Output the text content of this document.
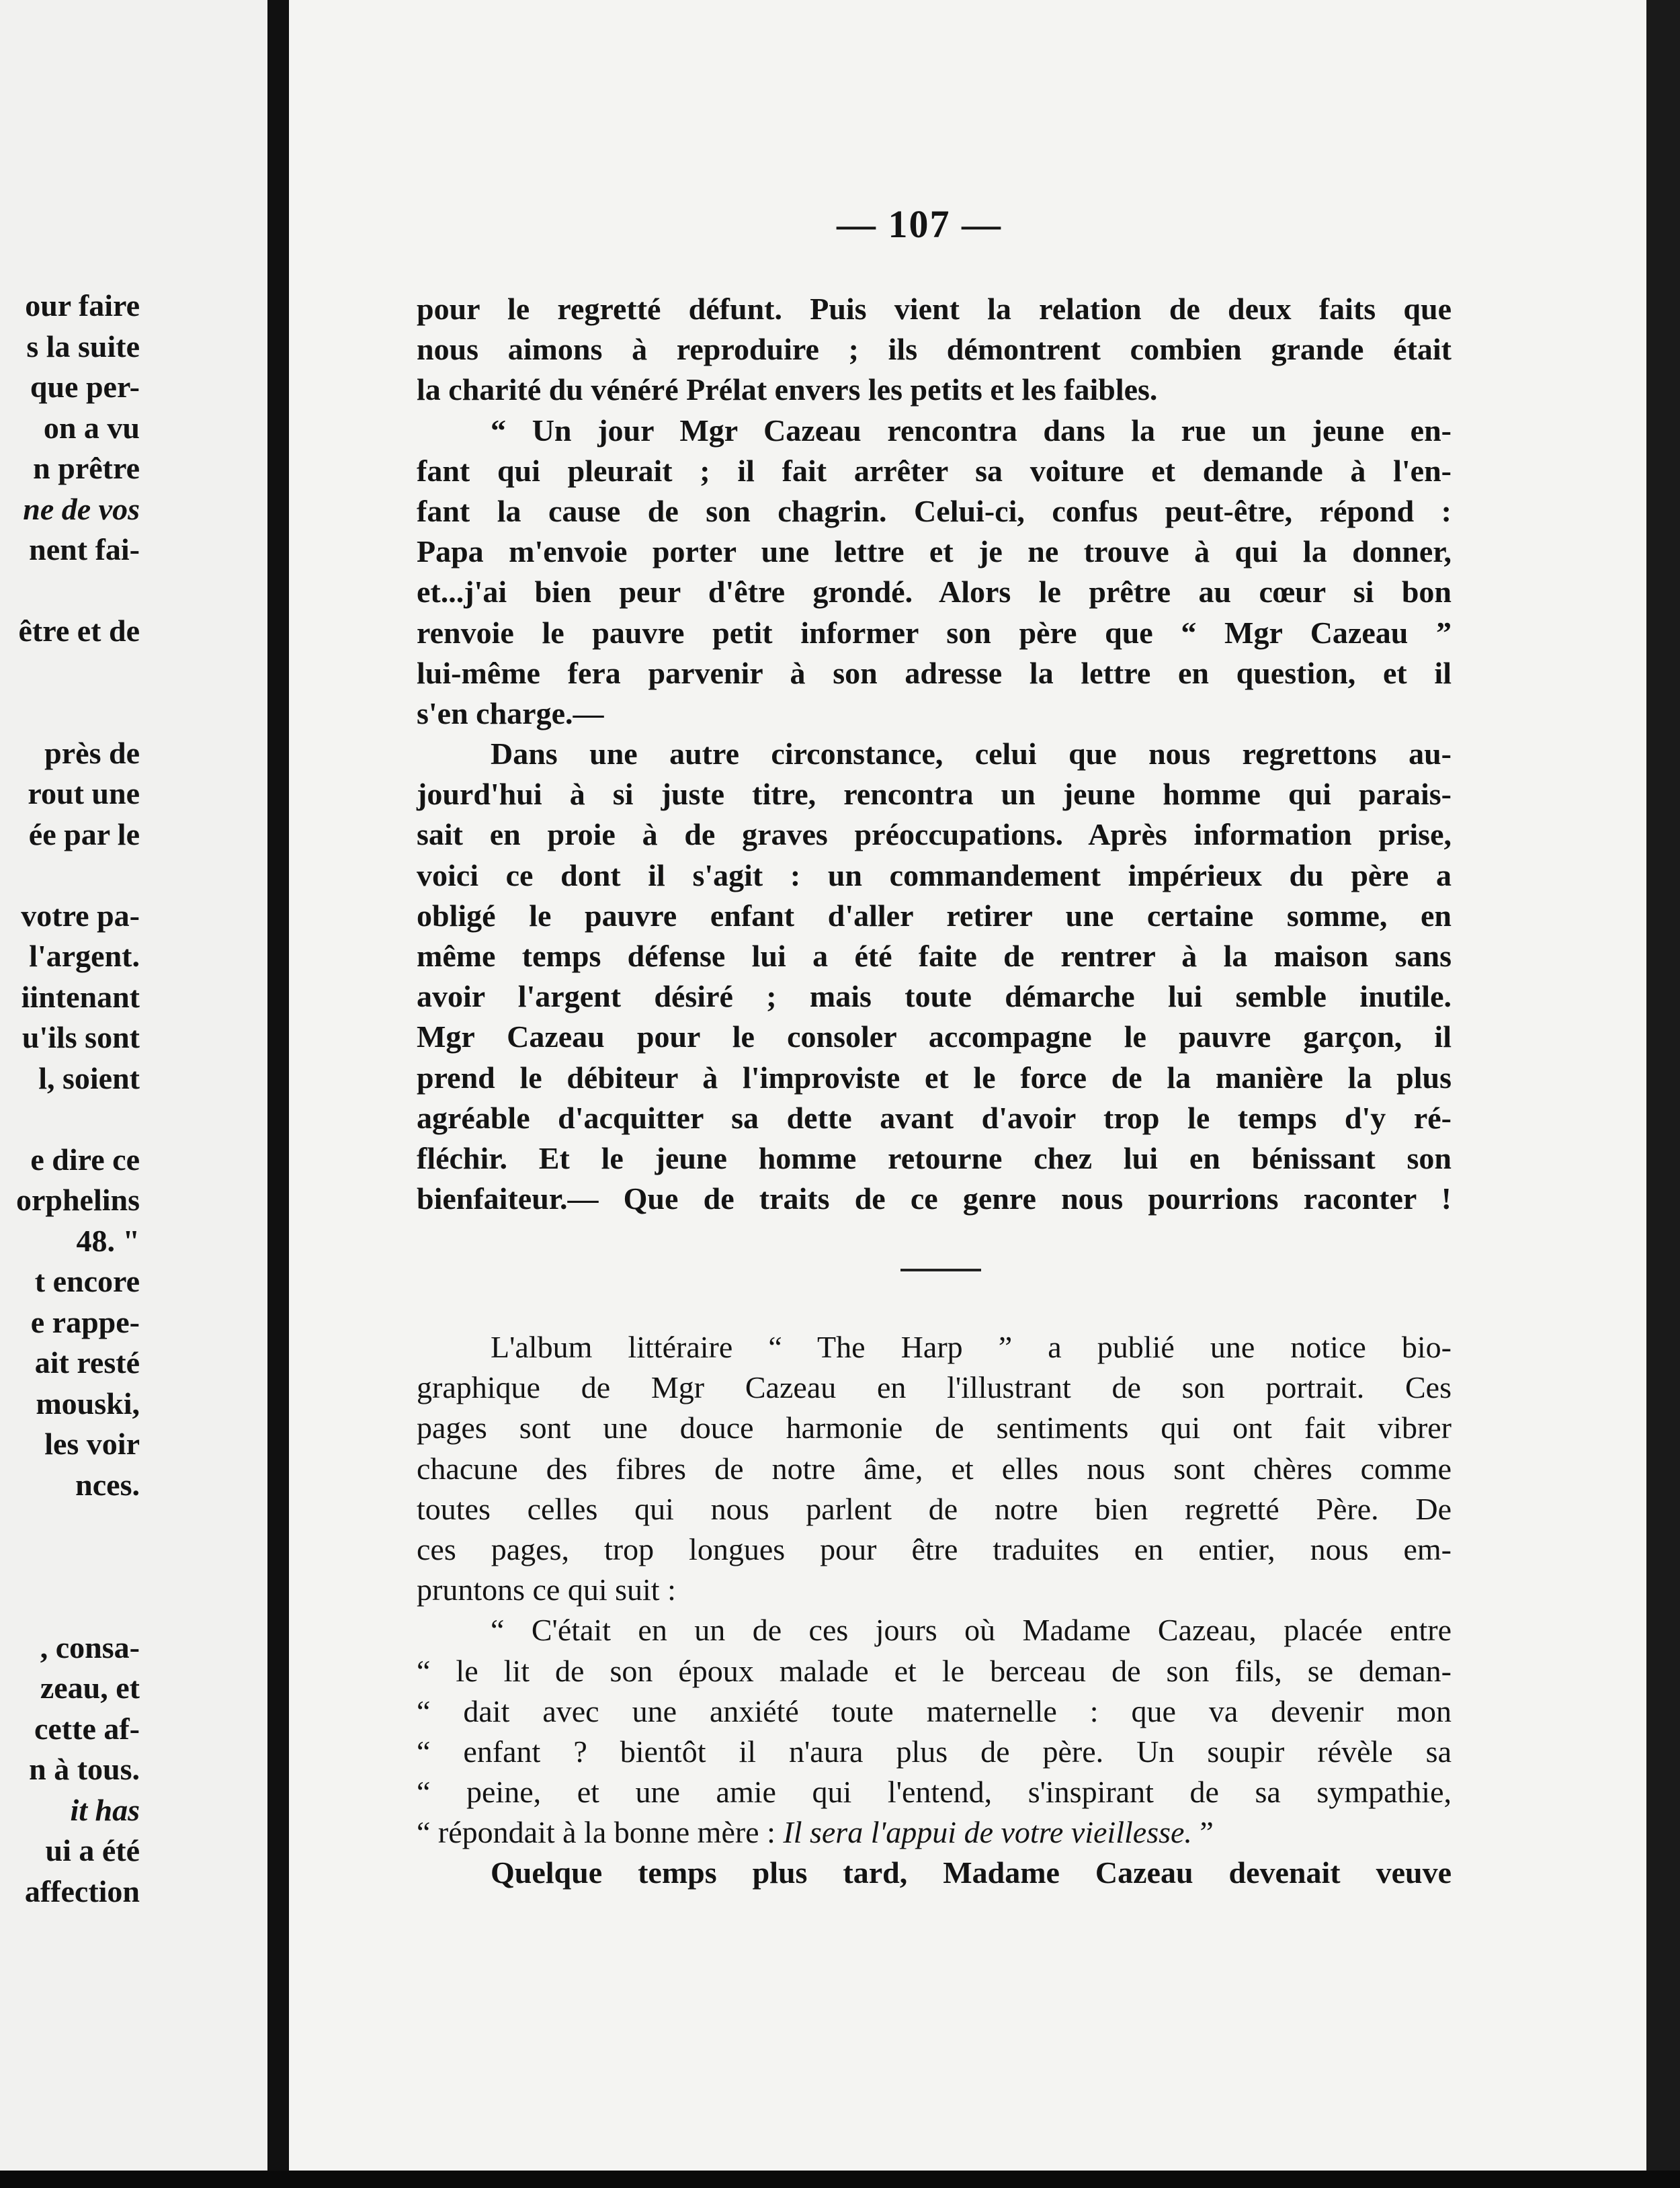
our faire
s la suite
que per-
on a vu
n prêtre
ne de vos
nent fai-
être et de
près de
rout une
ée par le
votre pa-
l'argent.
iintenant
u'ils sont
l, soient
e dire ce
orphelins
48. "
t encore
e rappe-
ait resté
mouski,
les voir
nces.
, consa-
zeau, et
cette af-
n à tous.
it has
ui a été
affection
— 107 —
pour le regretté défunt. Puis vient la relation de deux faits que
nous aimons à reproduire ; ils démontrent combien grande était
la charité du vénéré Prélat envers les petits et les faibles.
“ Un jour Mgr Cazeau rencontra dans la rue un jeune en-
fant qui pleurait ; il fait arrêter sa voiture et demande à l'en-
fant la cause de son chagrin. Celui-ci, confus peut-être, répond :
Papa m'envoie porter une lettre et je ne trouve à qui la donner,
et...j'ai bien peur d'être grondé. Alors le prêtre au cœur si bon
renvoie le pauvre petit informer son père que “ Mgr Cazeau ”
lui-même fera parvenir à son adresse la lettre en question, et il
s'en charge.—
Dans une autre circonstance, celui que nous regrettons au-
jourd'hui à si juste titre, rencontra un jeune homme qui parais-
sait en proie à de graves préoccupations. Après information prise,
voici ce dont il s'agit : un commandement impérieux du père a
obligé le pauvre enfant d'aller retirer une certaine somme, en
même temps défense lui a été faite de rentrer à la maison sans
avoir l'argent désiré ; mais toute démarche lui semble inutile.
Mgr Cazeau pour le consoler accompagne le pauvre garçon, il
prend le débiteur à l'improviste et le force de la manière la plus
agréable d'acquitter sa dette avant d'avoir trop le temps d'y ré-
fléchir. Et le jeune homme retourne chez lui en bénissant son
bienfaiteur.— Que de traits de ce genre nous pourrions raconter !
L'album littéraire “ The Harp ” a publié une notice bio-
graphique de Mgr Cazeau en l'illustrant de son portrait. Ces
pages sont une douce harmonie de sentiments qui ont fait vibrer
chacune des fibres de notre âme, et elles nous sont chères comme
toutes celles qui nous parlent de notre bien regretté Père. De
ces pages, trop longues pour être traduites en entier, nous em-
pruntons ce qui suit :
“ C'était en un de ces jours où Madame Cazeau, placée entre
“ le lit de son époux malade et le berceau de son fils, se deman-
“ dait avec une anxiété toute maternelle : que va devenir mon
“ enfant ? bientôt il n'aura plus de père. Un soupir révèle sa
“ peine, et une amie qui l'entend, s'inspirant de sa sympathie,
“ répondait à la bonne mère : Il sera l'appui de votre vieillesse. ”
Quelque temps plus tard, Madame Cazeau devenait veuve
